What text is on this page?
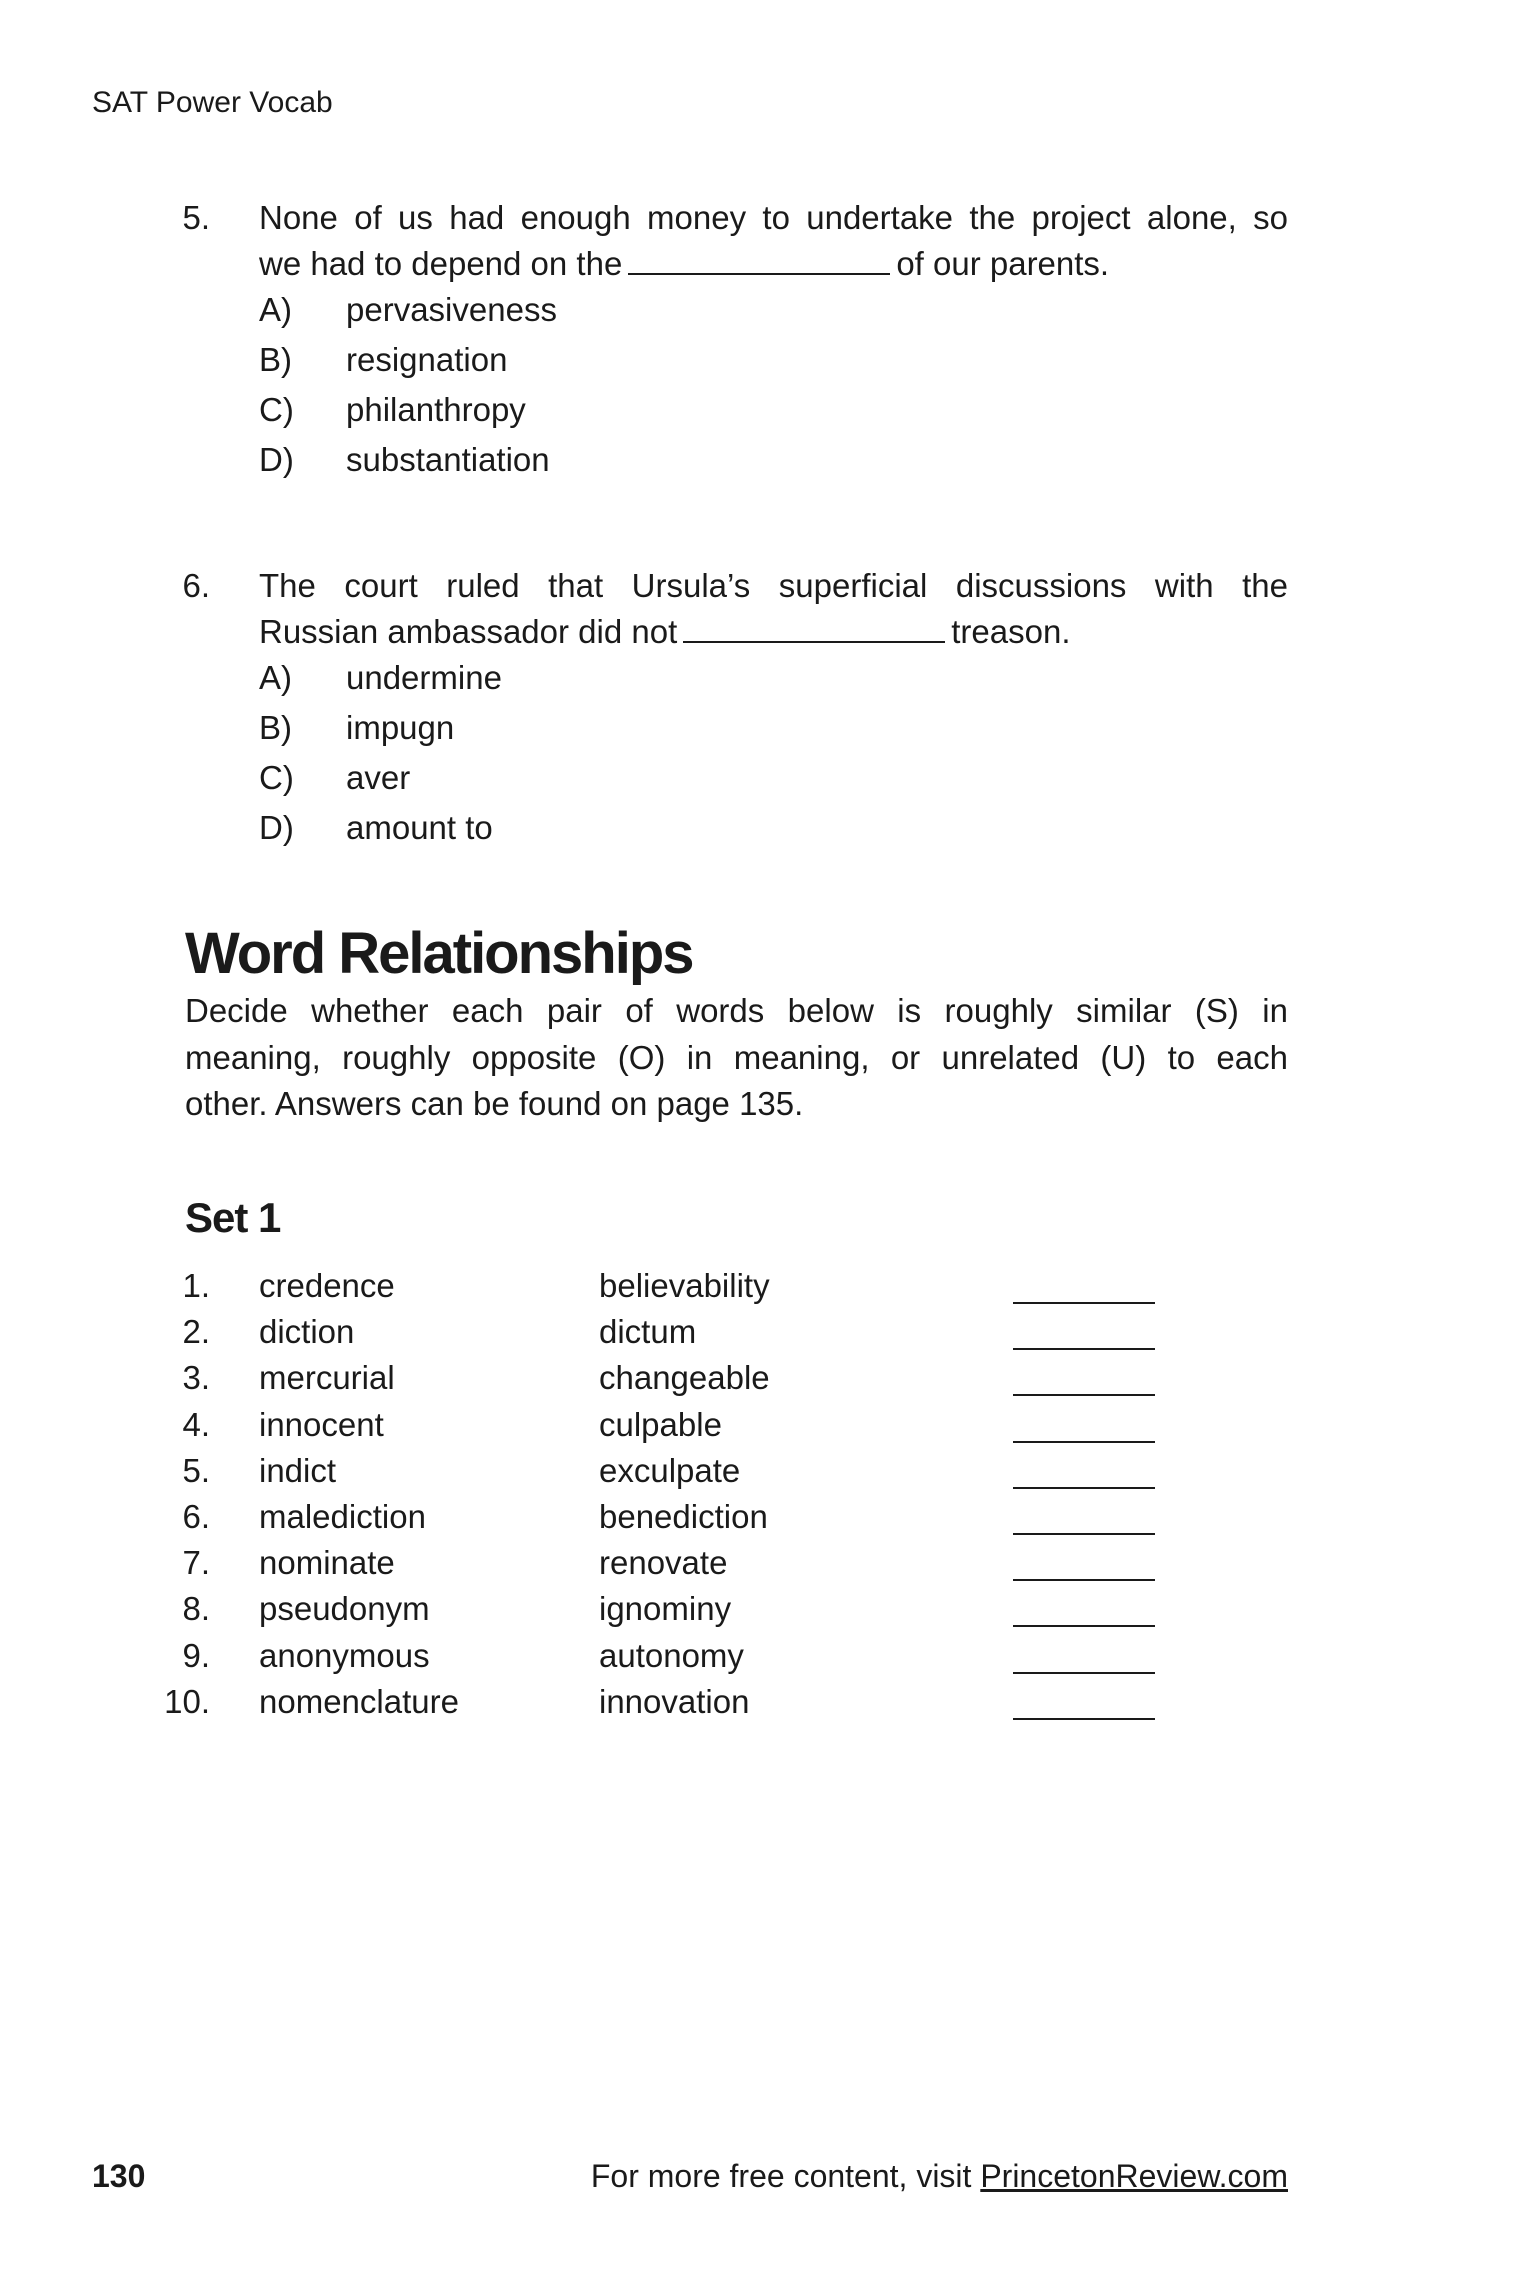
SAT Power Vocab
5. None of us had enough money to undertake the project alone, so
we had to depend on the	of our parents.
A) pervasiveness
B) resignation
C) philanthropy
D) substantiation
6. The court ruled that Ursula’s superficial discussions with the
Russian ambassador did not	treason.
A) undermine
B) impugn
C) aver
D) amount to
Word Relationships
Decide whether each pair of words below is roughly similar (S) in
meaning, roughly opposite (O) in meaning, or unrelated (U) to each
other. Answers can be found on page 135.
Set 1
1. credence	believability
2. diction	dictum
3. mercurial	changeable
4. innocent	culpable
5. indict	exculpate
6. malediction	benediction
7. nominate	renovate
8. pseudonym	ignominy
9. anonymous	autonomy
10. nomenclature	innovation
130	For more free content, visit PrincetonReview.com
